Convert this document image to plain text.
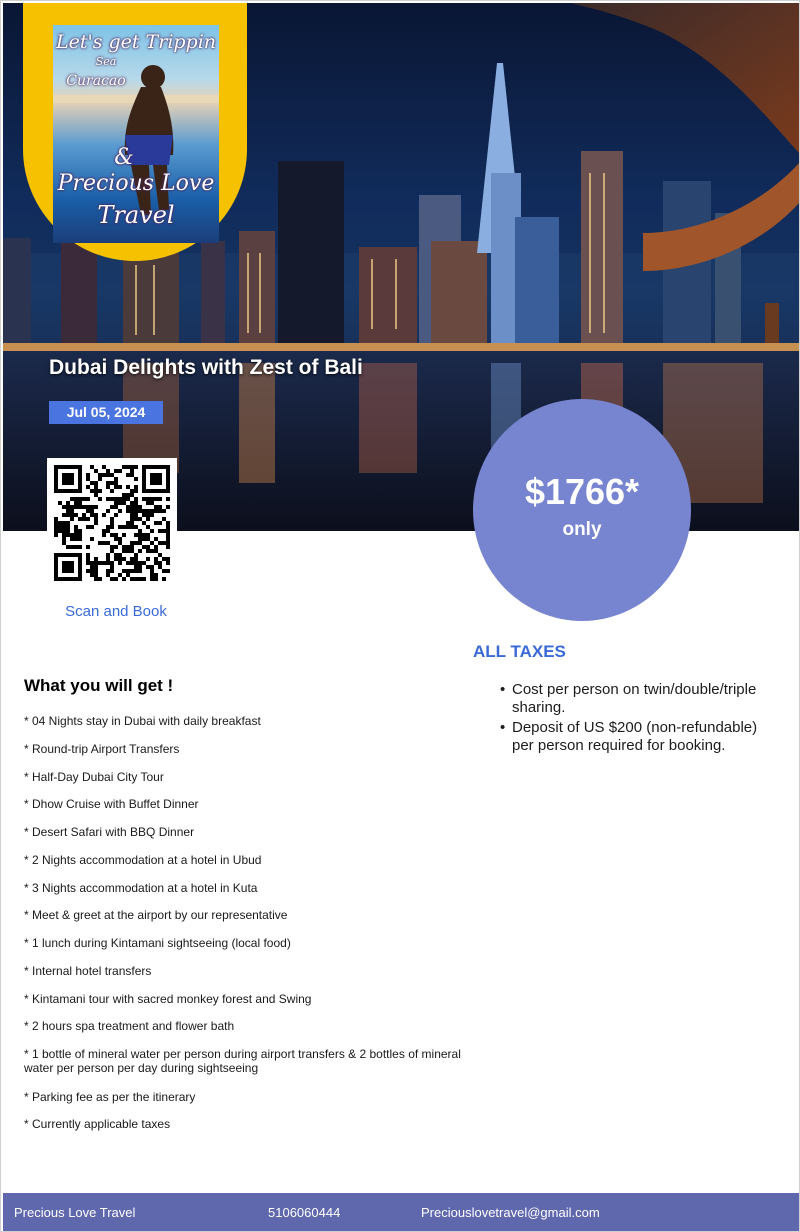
Let's get Trippin
Sea
Curacao
&
Precious Love
Travel
Dubai Delights with Zest of Bali
Jul 05, 2024
Scan and Book
$1766*
only
ALL TAXES
• Cost per person on twin/double/triple sharing.
• Deposit of US $200 (non-refundable) per person required for booking.
What you will get !
* 04 Nights stay in Dubai with daily breakfast
* Round-trip Airport Transfers
* Half-Day Dubai City Tour
* Dhow Cruise with Buffet Dinner
* Desert Safari with BBQ Dinner
* 2 Nights accommodation at a hotel in Ubud
* 3 Nights accommodation at a hotel in Kuta
* Meet & greet at the airport by our representative
* 1 lunch during Kintamani sightseeing (local food)
* Internal hotel transfers
* Kintamani tour with sacred monkey forest and Swing
* 2 hours spa treatment and flower bath
* 1 bottle of mineral water per person during airport transfers & 2 bottles of mineral water per person per day during sightseeing
* Parking fee as per the itinerary
* Currently applicable taxes
Precious Love Travel	5106060444	Preciouslovetravel@gmail.com
